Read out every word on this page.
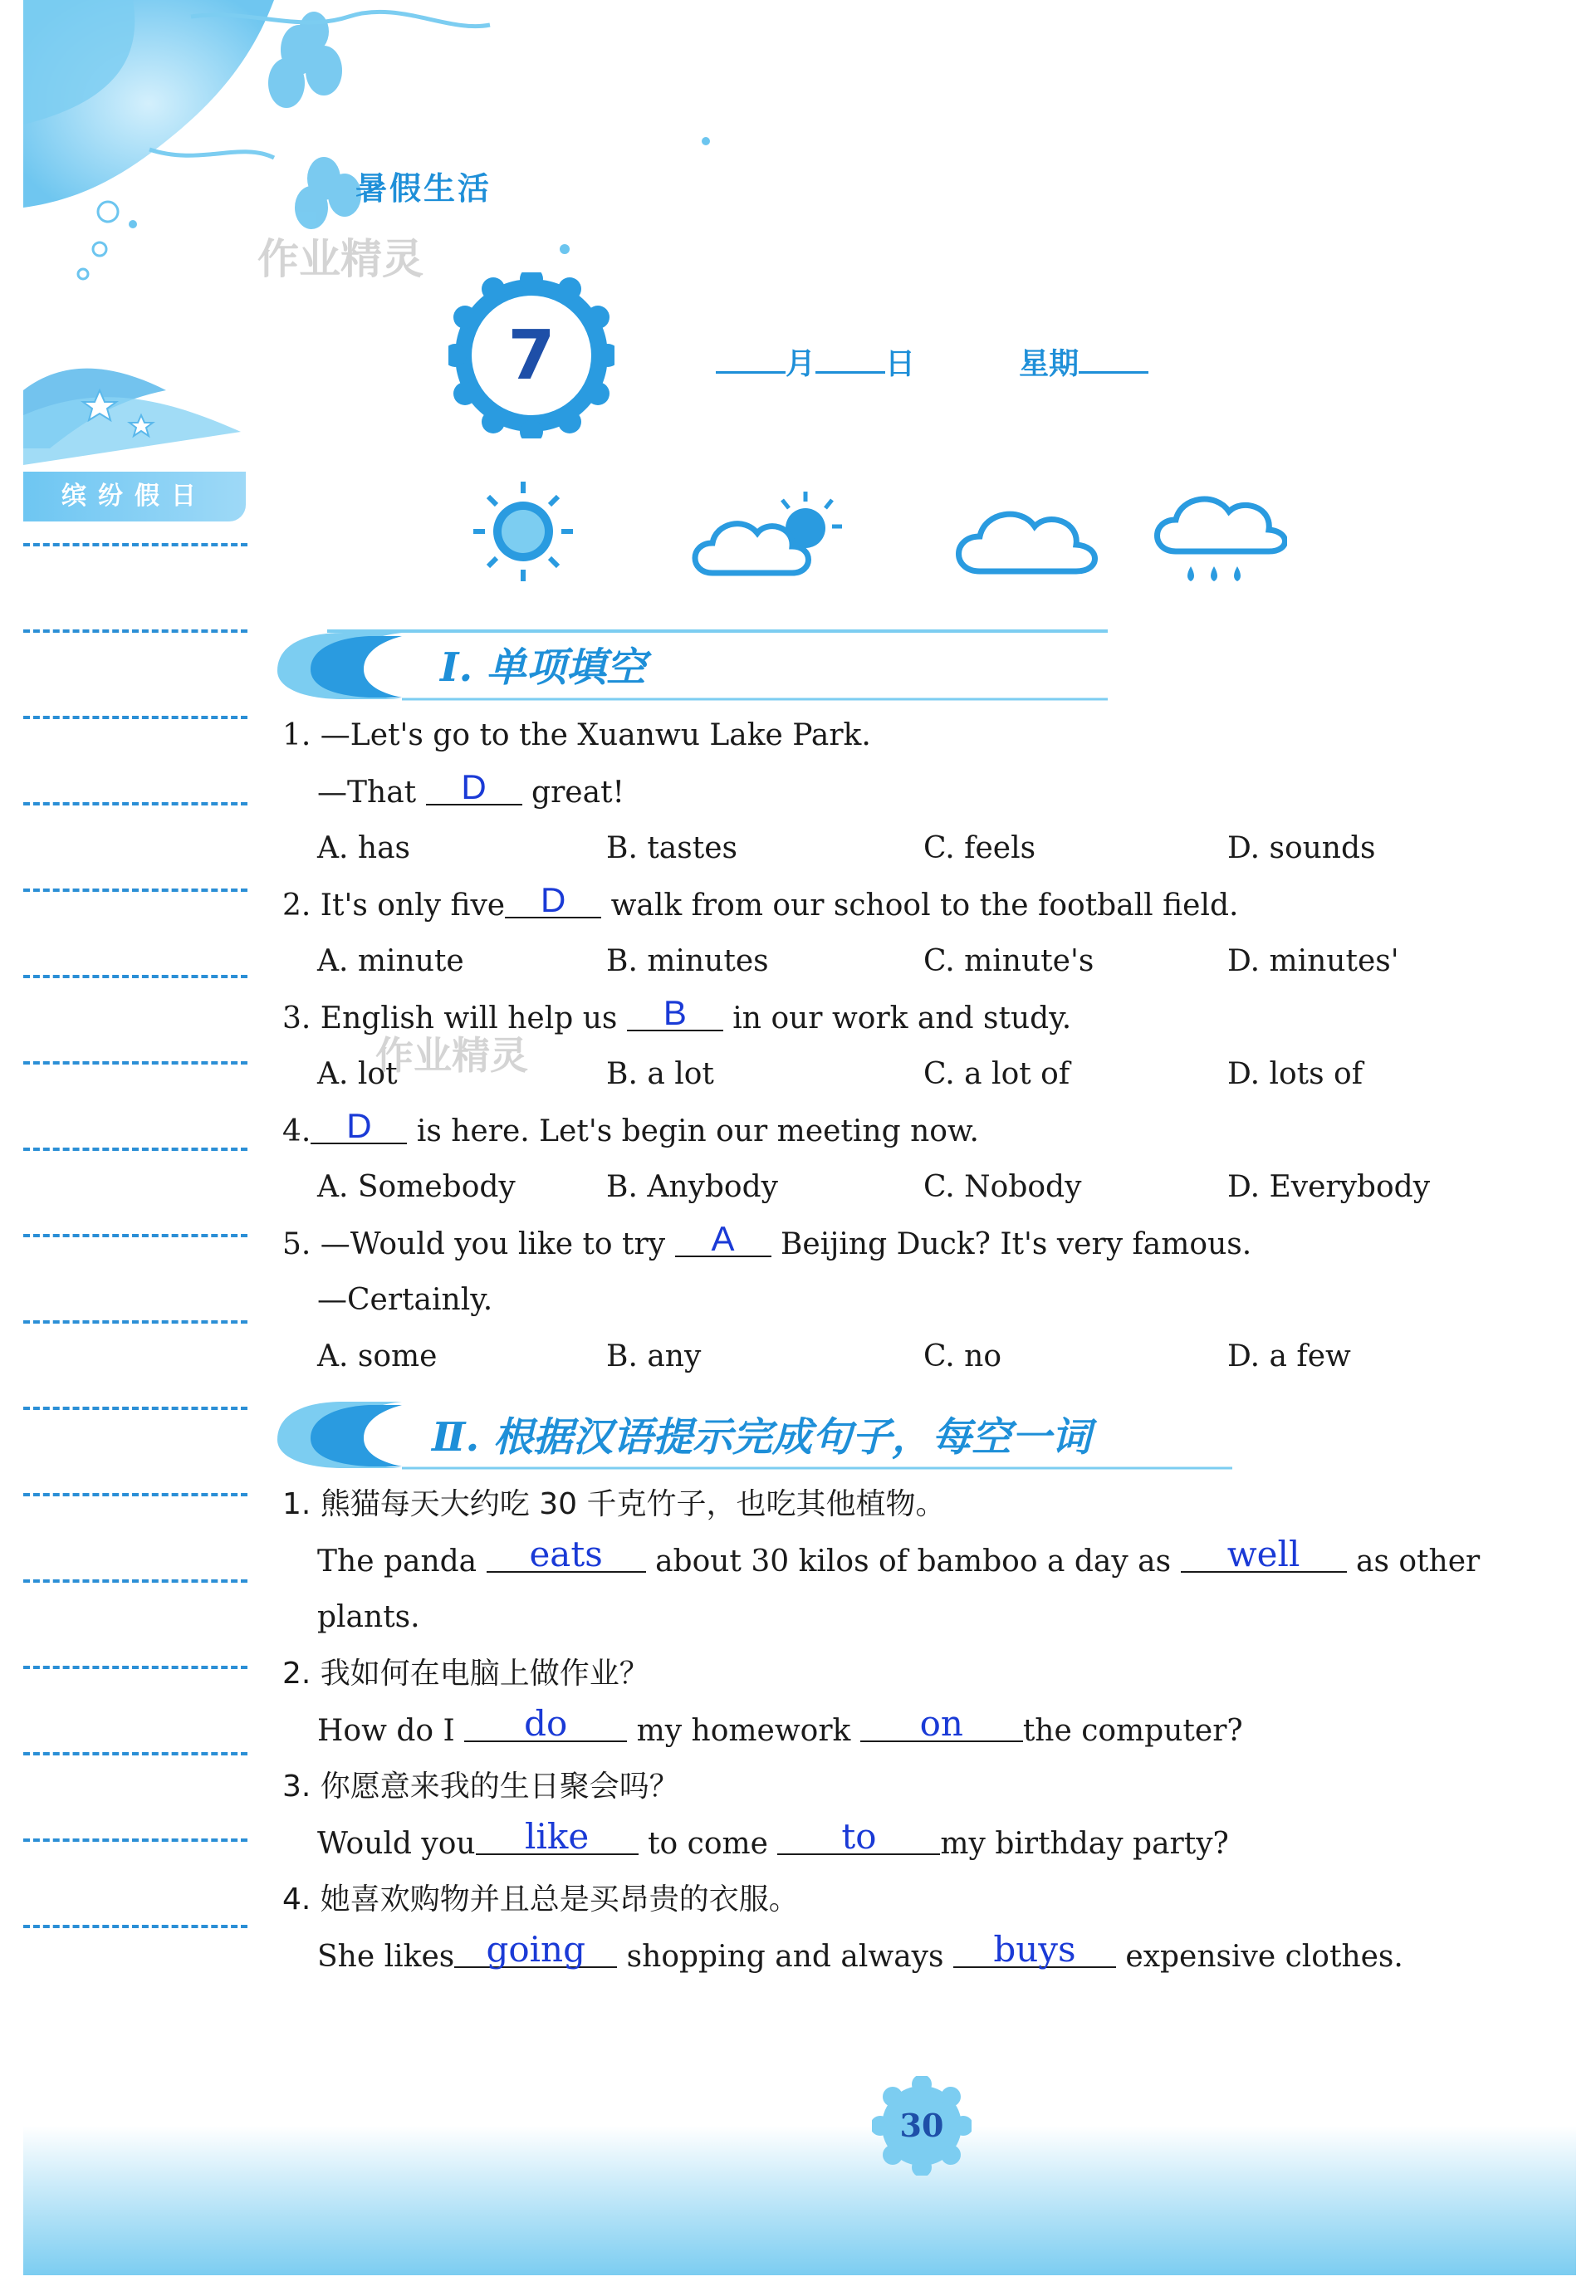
缤纷假日
暑假生活
作业精灵
7	月 日	星期
Ⅰ. 单项填空
1. —Let's go to the Xuanwu Lake Park.
—That D great!
A. has	B. tastes	C. feels	D. sounds
2. It's only five D walk from our school to the football field.
A. minute	B. minutes	C. minute's	D. minutes'
3. English will help us B in our work and study.
作业精灵
A. lot	B. a lot	C. a lot of	D. lots of
4. D is here. Let's begin our meeting now.
A. Somebody	B. Anybody	C. Nobody	D. Everybody
5. —Would you like to try A Beijing Duck? It's very famous.
—Certainly.
A. some	B. any	C. no	D. a few
Ⅱ. 根据汉语提示完成句子，每空一词
1. 熊猫每天大约吃 30 千克竹子，也吃其他植物。
The panda eats about 30 kilos of bamboo a day as well as other
plants.
2. 我如何在电脑上做作业？
How do I do my homework on the computer?
3. 你愿意来我的生日聚会吗？
Would you like to come to my birthday party?
4. 她喜欢购物并且总是买昂贵的衣服。
She likes going shopping and always buys expensive clothes.
30
